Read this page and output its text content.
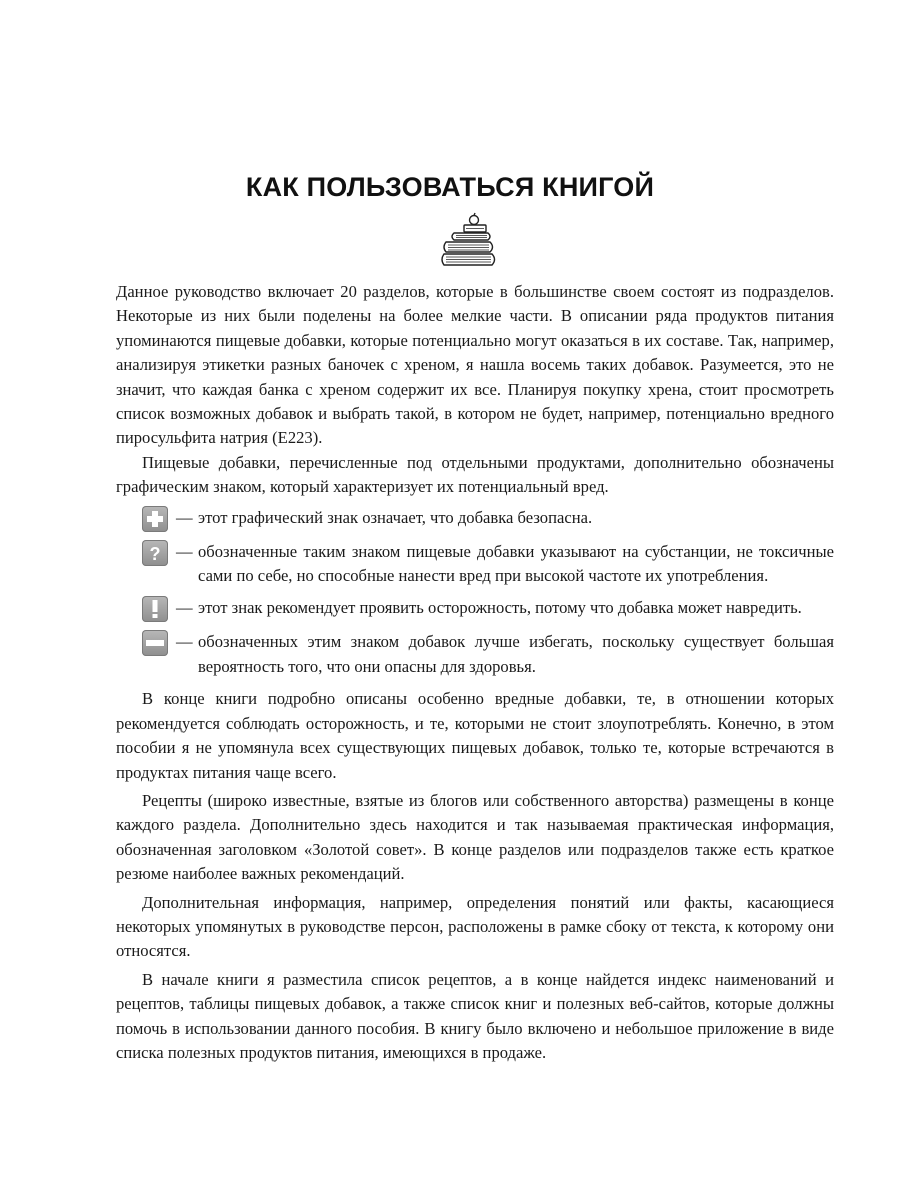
КАК ПОЛЬЗОВАТЬСЯ КНИГОЙ

Данное руководство включает 20 разделов, которые в большинстве своем состоят из подразделов. Некоторые из них были поделены на более мелкие части. В описании ряда продуктов питания упоминаются пищевые добавки, которые потенциально могут оказаться в их составе. Так, например, анализируя этикетки разных баночек с хреном, я нашла восемь таких добавок. Разумеется, это не значит, что каждая банка с хреном содержит их все. Планируя покупку хрена, стоит просмотреть список возможных добавок и выбрать такой, в котором не будет, например, потенциально вредного пиросульфита натрия (E223).

Пищевые добавки, перечисленные под отдельными продуктами, дополнительно обозначены графическим знаком, который характеризует их потенциальный вред.

— этот графический знак означает, что добавка безопасна.
? — обозначенные таким знаком пищевые добавки указывают на субстанции, не токсичные сами по себе, но способные нанести вред при высокой частоте их употребления.
— этот знак рекомендует проявить осторожность, потому что добавка может навредить.
— обозначенных этим знаком добавок лучше избегать, поскольку существует большая вероятность того, что они опасны для здоровья.

В конце книги подробно описаны особенно вредные добавки, те, в отношении которых рекомендуется соблюдать осторожность, и те, которыми не стоит злоупотреблять. Конечно, в этом пособии я не упомянула всех существующих пищевых добавок, только те, которые встречаются в продуктах питания чаще всего.

Рецепты (широко известные, взятые из блогов или собственного авторства) размещены в конце каждого раздела. Дополнительно здесь находится и так называемая практическая информация, обозначенная заголовком «Золотой совет». В конце разделов или подразделов также есть краткое резюме наиболее важных рекомендаций.

Дополнительная информация, например, определения понятий или факты, касающиеся некоторых упомянутых в руководстве персон, расположены в рамке сбоку от текста, к которому они относятся.

В начале книги я разместила список рецептов, а в конце найдется индекс наименований и рецептов, таблицы пищевых добавок, а также список книг и полезных веб-сайтов, которые должны помочь в использовании данного пособия. В книгу было включено и небольшое приложение в виде списка полезных продуктов питания, имеющихся в продаже.
